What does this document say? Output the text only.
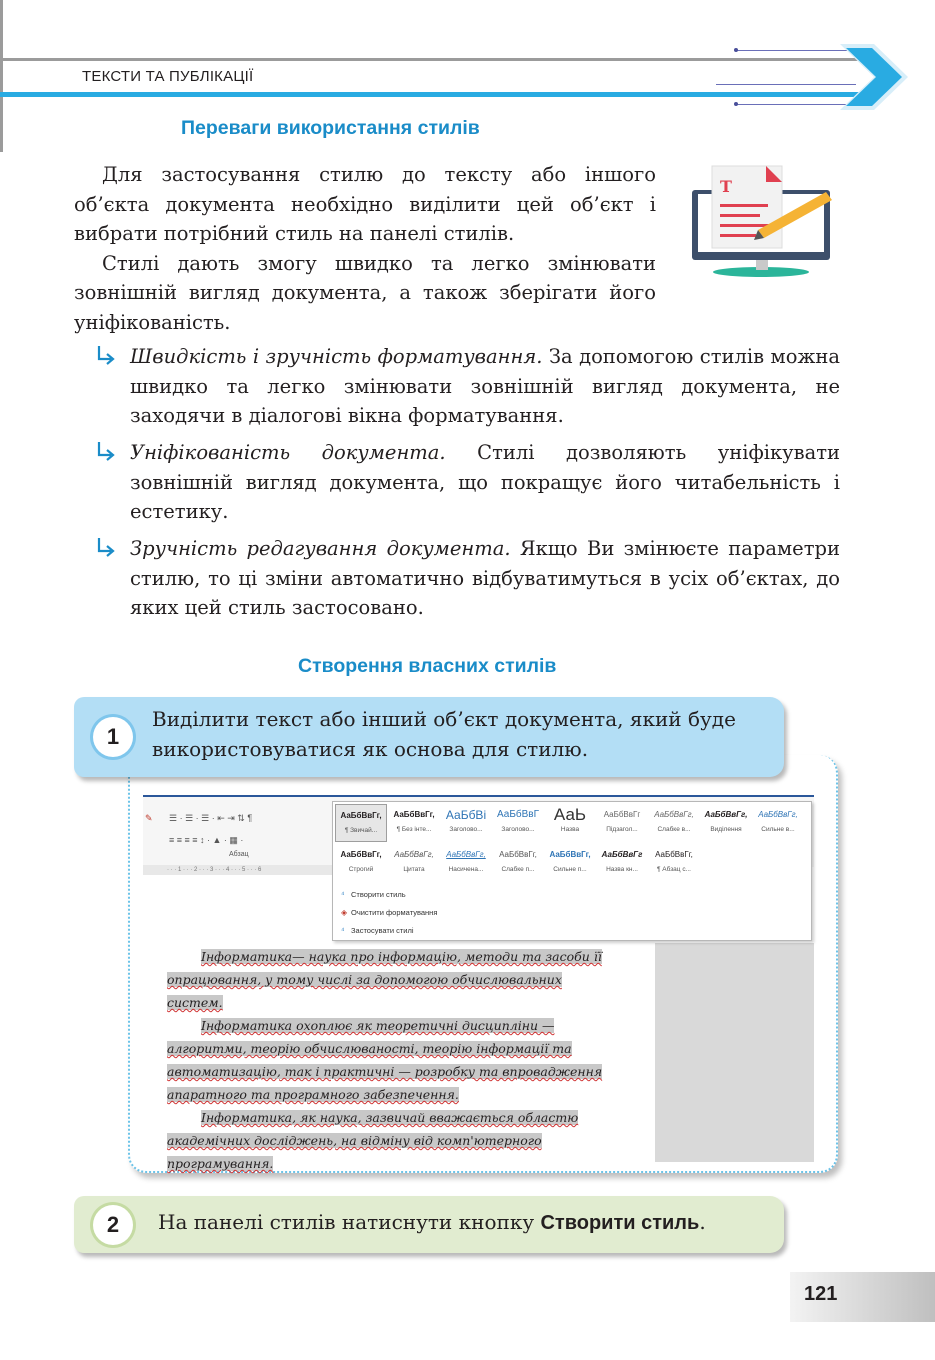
ТЕКСТИ ТА ПУБЛІКАЦІЇ
Переваги використання стилів

Для застосування стилю до тексту або іншого об’єкта документа необхідно виділити цей об’єкт і вибрати потрібний стиль на панелі стилів.

Стилі дають змогу швидко та легко змінювати зовнішній вигляд документа, а також зберігати його уніфікованість.

T
Швидкість і зручність форматування. За допомогою стилів можна швидко та легко змінювати зовнішній вигляд документа, не заходячи в діалогові вікна форматування.
Уніфікованість документа. Стилі дозволяють уніфікувати зовнішній вигляд документа, що покращує його читабельність і естетику.
Зручність редагування документа. Якщо Ви змінюєте параметри стилю, то ці зміни автоматично відбуватимуться в усіх об’єктах, до яких цей стиль застосовано.
Створення власних стилів
1
Виділити текст або інший об’єкт документа, який буде використовуватися як основа для стилю.
✎ ☰ · ☰ · ☰ · ⇤ ⇥ ⇅ ¶
≡ ≡ ≡ ≡ ↕ · ▲ · ▦ ·
Абзац
· · · 1 · · · 2 · · · 3 · · · 4 · · · 5 · · · 6

Інформатика— наука про інформацію, методи та засоби її опрацювання, у тому числі за допомогою обчислювальних систем.

Інформатика охоплює як теоретичні дисципліни — алгоритми, теорію обчислюваності, теорію інформації та автоматизацію, так і практичні — розробку та впровадження апаратного та програмного забезпечення.

Інформатика, як наука, зазвичай вважається областю академічних досліджень, на відміну від комп'ютерного програмування.

АаБбВвГг,
¶ Звичай...
АаБбВвГг,
¶ Без інте...
АаБбВі
Заголово...
АаБбВвГ
Заголово...
АаЬ
Назва
АаБбВвГг
Підзагол...
АаБбВвГг,
Слабке в...
АаБбВвГг,
Виділення
АаБбВвГг,
Сильне в...
АаБбВвГг,
Строгий
АаБбВвГг,
Цитата
АаБбВвГг,
Насичена...
АаБбВвГг,
Слабке п...
АаБбВвГг,
Сильне п...
АаБбВвГг
Назва кн...
АаБбВвГг,
¶ Абзац с...
⁴ Створити стиль
◈ Очистити форматування
⁴ Застосувати стилі
2	На панелі стилів натиснути кнопку Створити стиль.
121
